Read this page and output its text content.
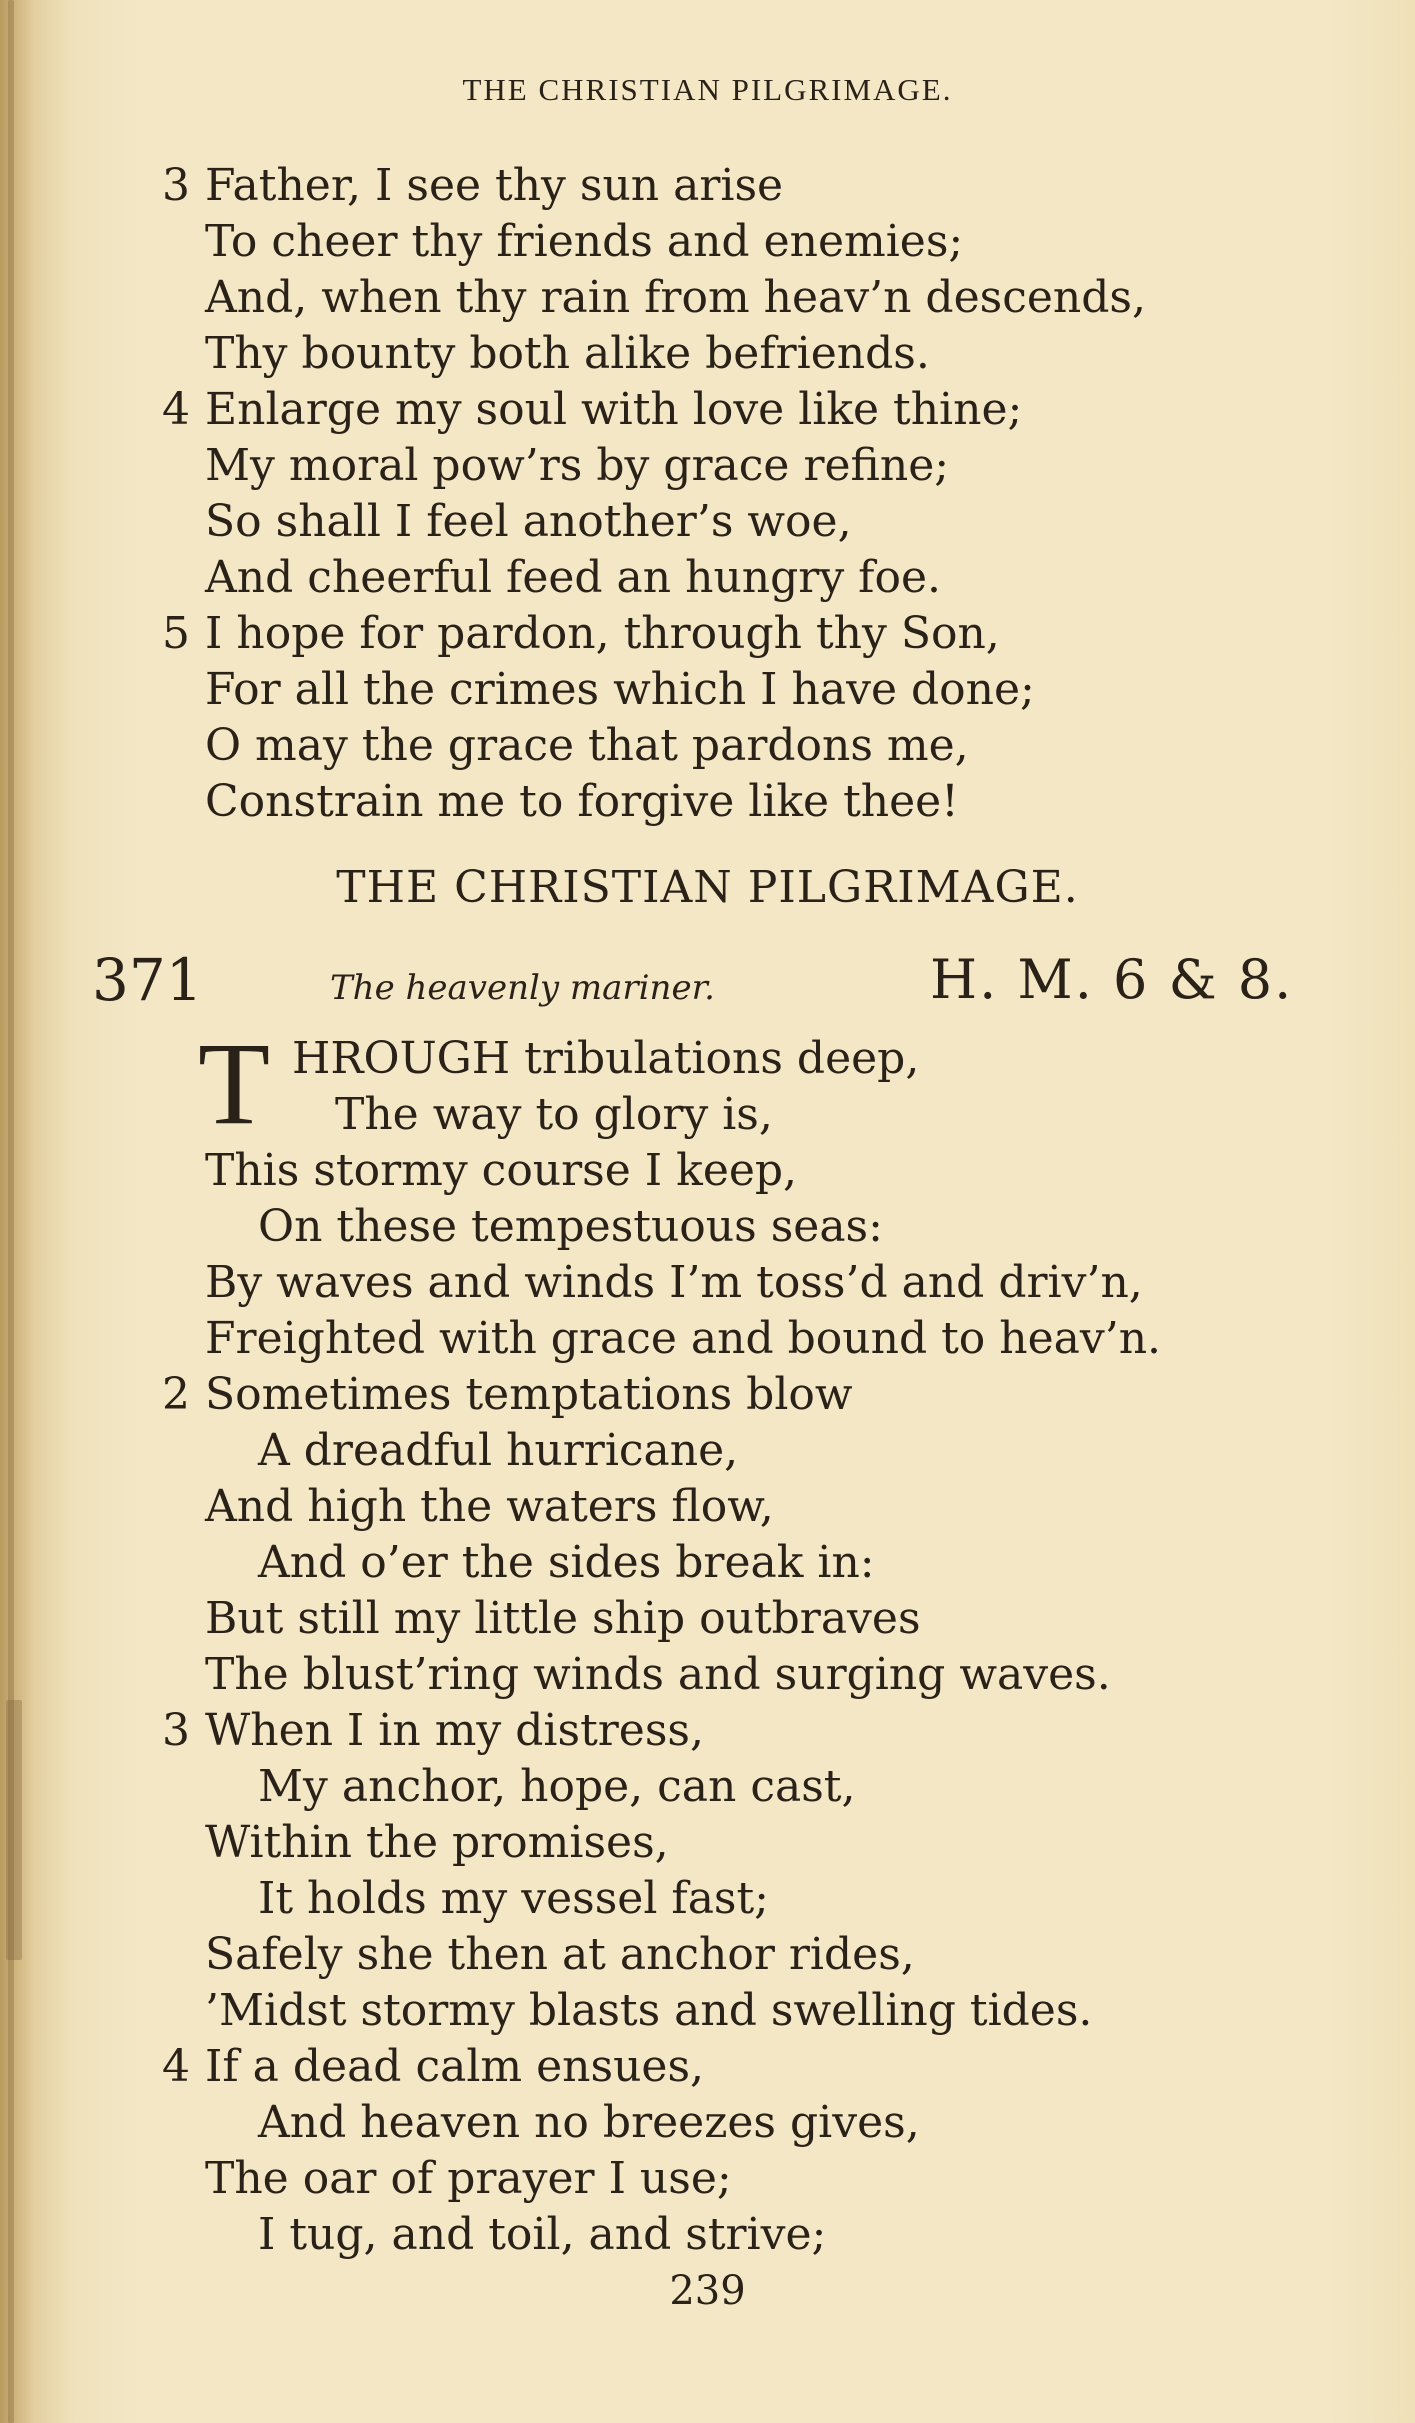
THE CHRISTIAN PILGRIMAGE.
3 Father, I see thy sun arise
To cheer thy friends and enemies;
And, when thy rain from heav’n descends,
Thy bounty both alike befriends.
4 Enlarge my soul with love like thine;
My moral pow’rs by grace refine;
So shall I feel another’s woe,
And cheerful feed an hungry foe.
5 I hope for pardon, through thy Son,
For all the crimes which I have done;
O may the grace that pardons me,
Constrain me to forgive like thee!
THE CHRISTIAN PILGRIMAGE.
371	The heavenly mariner.	H. M. 6 & 8.
T HROUGH tribulations deep,
The way to glory is,
This stormy course I keep,
On these tempestuous seas:
By waves and winds I’m toss’d and driv’n,
Freighted with grace and bound to heav’n.
2 Sometimes temptations blow
A dreadful hurricane,
And high the waters flow,
And o’er the sides break in:
But still my little ship outbraves
The blust’ring winds and surging waves.
3 When I in my distress,
My anchor, hope, can cast,
Within the promises,
It holds my vessel fast;
Safely she then at anchor rides,
’Midst stormy blasts and swelling tides.
4 If a dead calm ensues,
And heaven no breezes gives,
The oar of prayer I use;
I tug, and toil, and strive;
239
